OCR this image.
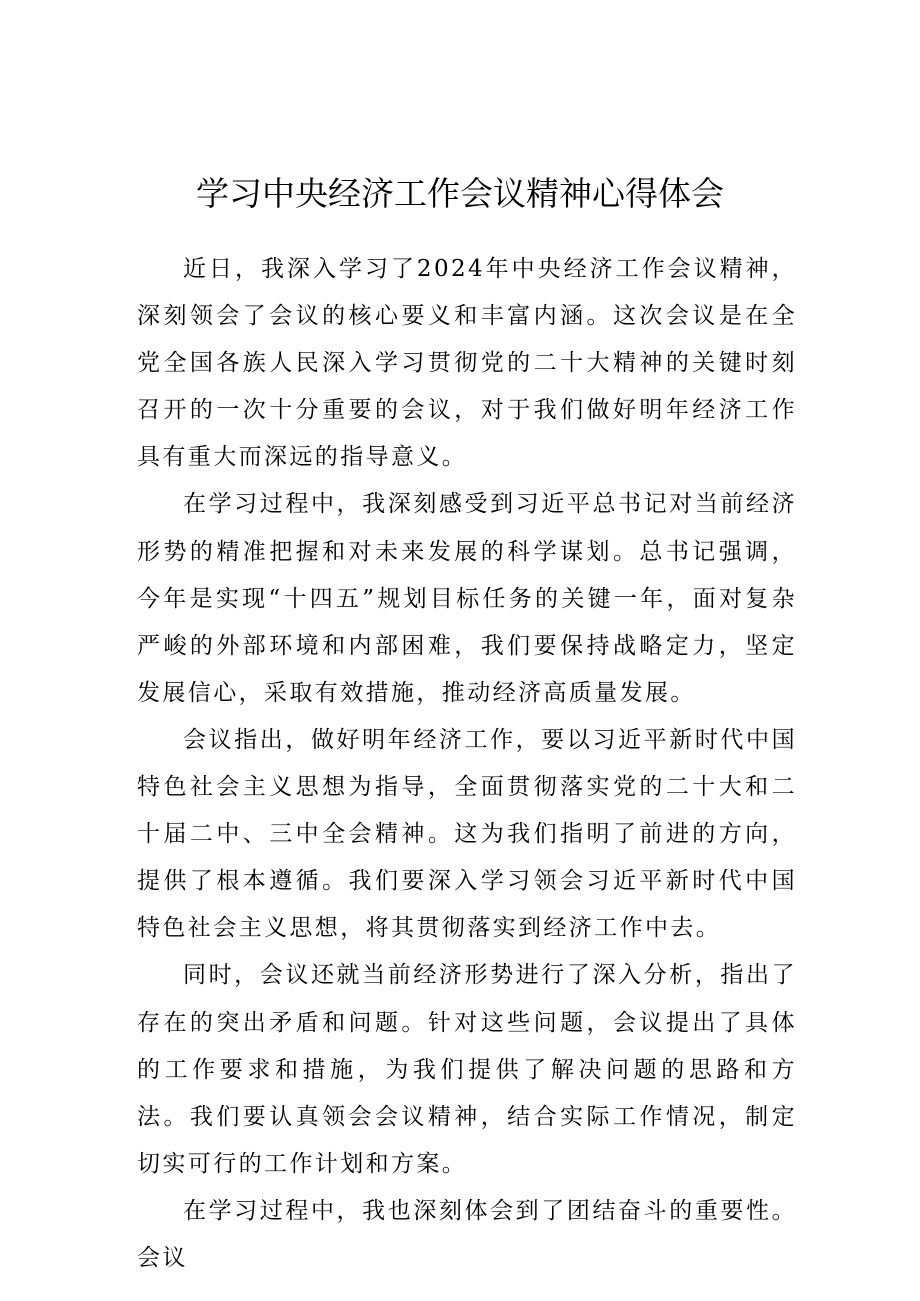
学习中央经济工作会议精神心得体会

近日，我深入学习了2024年中央经济工作会议精神，深刻领会了会议的核心要义和丰富内涵。这次会议是在全党全国各族人民深入学习贯彻党的二十大精神的关键时刻召开的一次十分重要的会议，对于我们做好明年经济工作具有重大而深远的指导意义。

在学习过程中，我深刻感受到习近平总书记对当前经济形势的精准把握和对未来发展的科学谋划。总书记强调，今年是实现“十四五”规划目标任务的关键一年，面对复杂严峻的外部环境和内部困难，我们要保持战略定力，坚定发展信心，采取有效措施，推动经济高质量发展。

会议指出，做好明年经济工作，要以习近平新时代中国特色社会主义思想为指导，全面贯彻落实党的二十大和二十届二中、三中全会精神。这为我们指明了前进的方向，提供了根本遵循。我们要深入学习领会习近平新时代中国特色社会主义思想，将其贯彻落实到经济工作中去。

同时，会议还就当前经济形势进行了深入分析，指出了存在的突出矛盾和问题。针对这些问题，会议提出了具体的工作要求和措施，为我们提供了解决问题的思路和方法。我们要认真领会会议精神，结合实际工作情况，制定切实可行的工作计划和方案。

在学习过程中，我也深刻体会到了团结奋斗的重要性。会议
